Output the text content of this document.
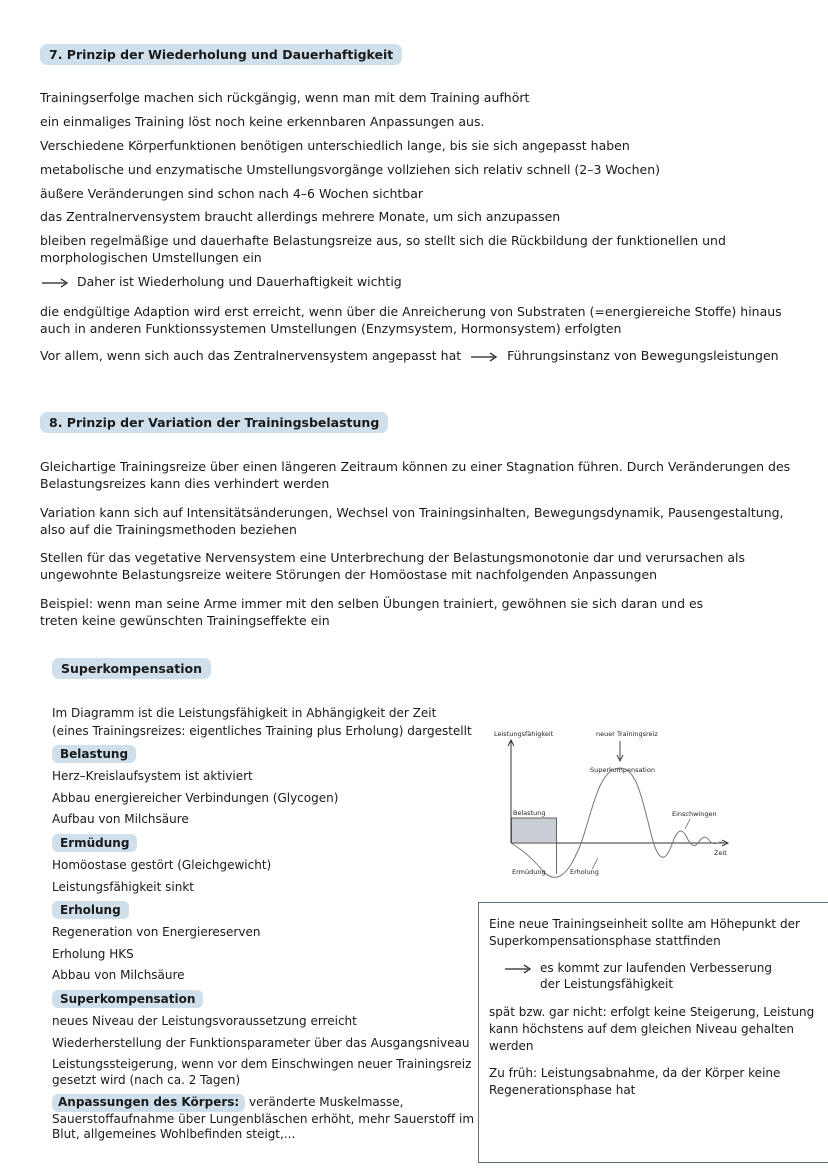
7. Prinzip der Wiederholung und Dauerhaftigkeit

Trainingserfolge machen sich rückgängig, wenn man mit dem Training aufhört

ein einmaliges Training löst noch keine erkennbaren Anpassungen aus.

Verschiedene Körperfunktionen benötigen unterschiedlich lange, bis sie sich angepasst haben

metabolische und enzymatische Umstellungsvorgänge vollziehen sich relativ schnell (2–3 Wochen)

äußere Veränderungen sind schon nach 4–6 Wochen sichtbar

das Zentralnervensystem braucht allerdings mehrere Monate, um sich anzupassen

bleiben regelmäßige und dauerhafte Belastungsreize aus, so stellt sich die Rückbildung der funktionellen und morphologischen Umstellungen ein

Daher ist Wiederholung und Dauerhaftigkeit wichtig

die endgültige Adaption wird erst erreicht, wenn über die Anreicherung von Substraten (=energiereiche Stoffe) hinaus auch in anderen Funktionssystemen Umstellungen (Enzymsystem, Hormonsystem) erfolgten

Vor allem, wenn sich auch das Zentralnervensystem angepasst hat	Führungsinstanz von Bewegungsleistungen

8. Prinzip der Variation der Trainingsbelastung

Gleichartige Trainingsreize über einen längeren Zeitraum können zu einer Stagnation führen. Durch Veränderungen des Belastungsreizes kann dies verhindert werden

Variation kann sich auf Intensitätsänderungen, Wechsel von Trainingsinhalten, Bewegungsdynamik, Pausengestaltung, also auf die Trainingsmethoden beziehen

Stellen für das vegetative Nervensystem eine Unterbrechung der Belastungsmonotonie dar und verursachen als ungewohnte Belastungsreize weitere Störungen der Homöostase mit nachfolgenden Anpassungen

Beispiel: wenn man seine Arme immer mit den selben Übungen trainiert, gewöhnen sie sich daran und es treten keine gewünschten Trainingseffekte ein

Superkompensation

Im Diagramm ist die Leistungsfähigkeit in Abhängigkeit der Zeit

(eines Trainingsreizes: eigentliches Training plus Erholung) dargestellt

Belastung

Herz–Kreislaufsystem ist aktiviert

Abbau energiereicher Verbindungen (Glycogen)

Aufbau von Milchsäure

Ermüdung

Homöostase gestört (Gleichgewicht)

Leistungsfähigkeit sinkt

Erholung

Regeneration von Energiereserven

Erholung HKS

Abbau von Milchsäure

Superkompensation

neues Niveau der Leistungsvoraussetzung erreicht

Wiederherstellung der Funktionsparameter über das Ausgangsniveau

Leistungssteigerung, wenn vor dem Einschwingen neuer Trainingsreiz gesetzt wird (nach ca. 2 Tagen)

Anpassungen des Körpers: veränderte Muskelmasse, Sauerstoffaufnahme über Lungenbläschen erhöht, mehr Sauerstoff im Blut, allgemeines Wohlbefinden steigt,...

Leistungsfähigkeit	neuer Trainingsreiz
Zeit
Superkompensation
Belastung	Einschwingen
Ermüdung	Erholung

Eine neue Trainingseinheit sollte am Höhepunkt der Superkompensationsphase stattfinden

es kommt zur laufenden Verbesserung
der Leistungsfähigkeit

spät bzw. gar nicht: erfolgt keine Steigerung, Leistung kann höchstens auf dem gleichen Niveau gehalten werden

Zu früh: Leistungsabnahme, da der Körper keine Regenerationsphase hat
